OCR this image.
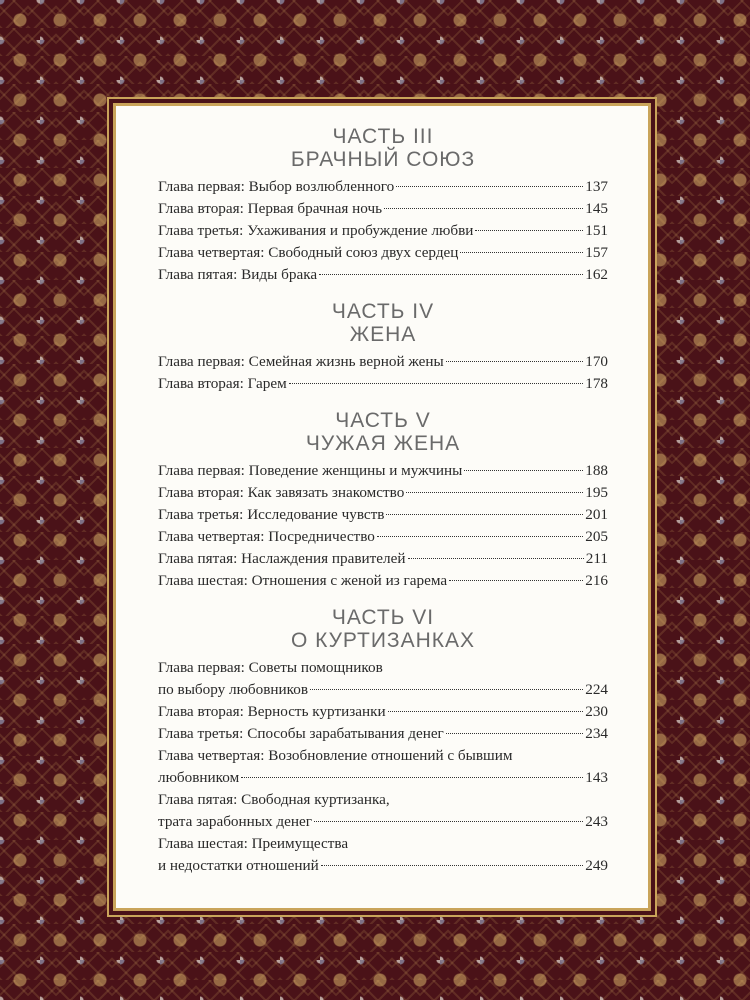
ЧАСТЬ III
БРАЧНЫЙ СОЮЗ
Глава первая: Выбор возлюбленного	137
Глава вторая: Первая брачная ночь	145
Глава третья: Ухаживания и пробуждение любви	151
Глава четвертая: Свободный союз двух сердец	157
Глава пятая: Виды брака	162
ЧАСТЬ IV
ЖЕНА
Глава первая: Семейная жизнь верной жены	170
Глава вторая: Гарем	178
ЧАСТЬ V
ЧУЖАЯ ЖЕНА
Глава первая: Поведение женщины и мужчины	188
Глава вторая: Как завязать знакомство	195
Глава третья: Исследование чувств	201
Глава четвертая: Посредничество	205
Глава пятая: Наслаждения правителей	211
Глава шестая: Отношения с женой из гарема	216
ЧАСТЬ VI
О КУРТИЗАНКАХ
Глава первая: Советы помощников
по выбору любовников	224
Глава вторая: Верность куртизанки	230
Глава третья: Способы зарабатывания денег	234
Глава четвертая: Возобновление отношений с бывшим
любовником	143
Глава пятая: Свободная куртизанка,
трата зарабонных денег	243
Глава шестая: Преимущества
и недостатки отношений	249
